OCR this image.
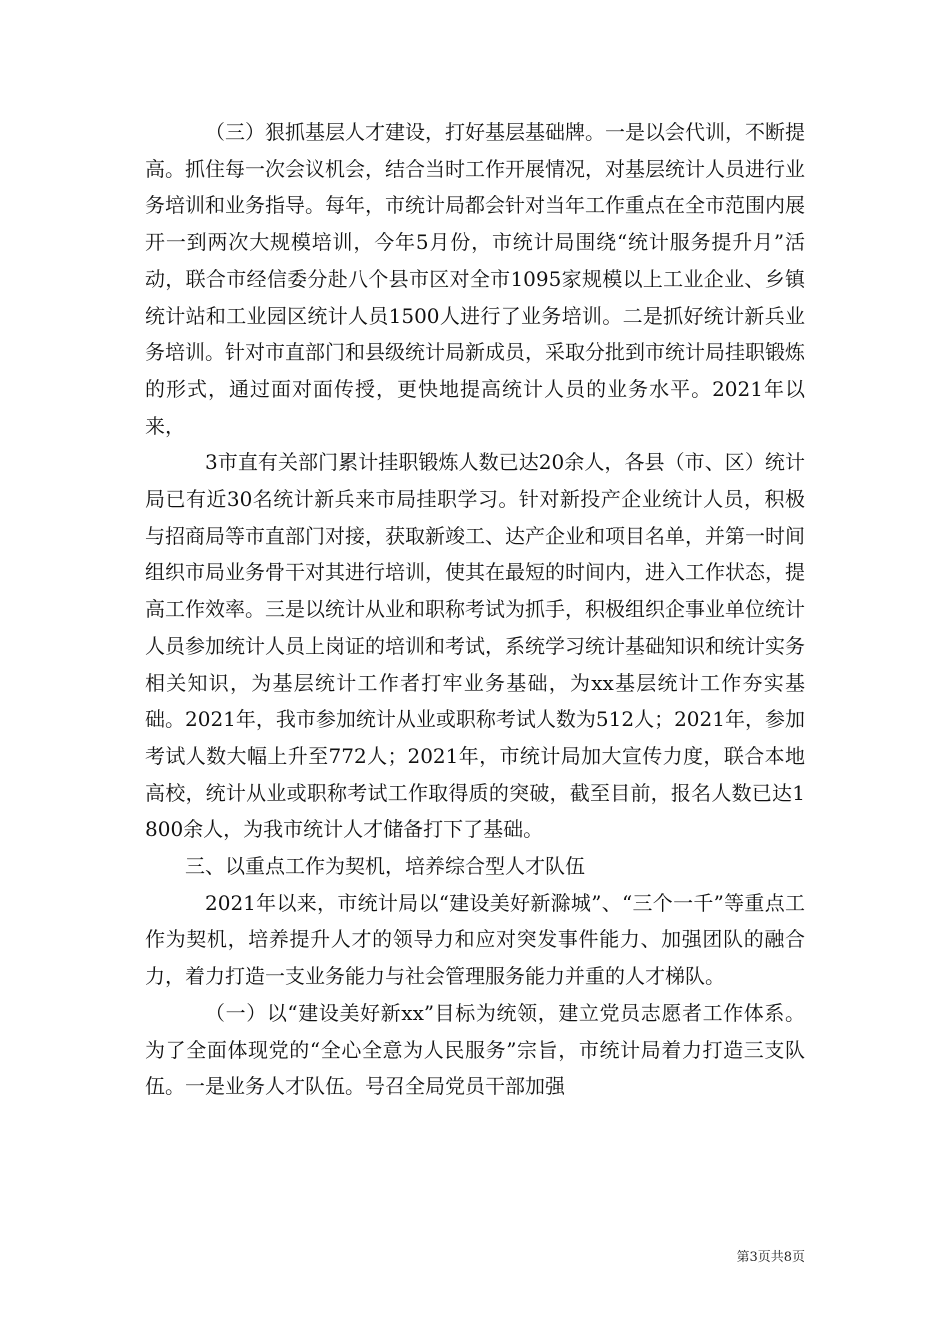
（三）狠抓基层人才建设，打好基层基础牌。一是以会代训，不断提高。抓住每一次会议机会，结合当时工作开展情况，对基层统计人员进行业务培训和业务指导。每年，市统计局都会针对当年工作重点在全市范围内展开一到两次大规模培训，今年5月份，市统计局围绕“统计服务提升月”活动，联合市经信委分赴八个县市区对全市1095家规模以上工业企业、乡镇统计站和工业园区统计人员1500人进行了业务培训。二是抓好统计新兵业务培训。针对市直部门和县级统计局新成员，采取分批到市统计局挂职锻炼的形式，通过面对面传授，更快地提高统计人员的业务水平。2021年以来，

3市直有关部门累计挂职锻炼人数已达20余人，各县（市、区）统计局已有近30名统计新兵来市局挂职学习。针对新投产企业统计人员，积极与招商局等市直部门对接，获取新竣工、达产企业和项目名单，并第一时间组织市局业务骨干对其进行培训，使其在最短的时间内，进入工作状态，提高工作效率。三是以统计从业和职称考试为抓手，积极组织企事业单位统计人员参加统计人员上岗证的培训和考试，系统学习统计基础知识和统计实务相关知识，为基层统计工作者打牢业务基础，为xx基层统计工作夯实基础。2021年，我市参加统计从业或职称考试人数为512人；2021年，参加考试人数大幅上升至772人；2021年，市统计局加大宣传力度，联合本地高校，统计从业或职称考试工作取得质的突破，截至目前，报名人数已达1800余人，为我市统计人才储备打下了基础。

三、以重点工作为契机，培养综合型人才队伍

2021年以来，市统计局以“建设美好新滁城”、“三个一千”等重点工作为契机，培养提升人才的领导力和应对突发事件能力、加强团队的融合力，着力打造一支业务能力与社会管理服务能力并重的人才梯队。

（一）以“建设美好新xx”目标为统领，建立党员志愿者工作体系。为了全面体现党的“全心全意为人民服务”宗旨，市统计局着力打造三支队伍。一是业务人才队伍。号召全局党员干部加强

第3页共8页
